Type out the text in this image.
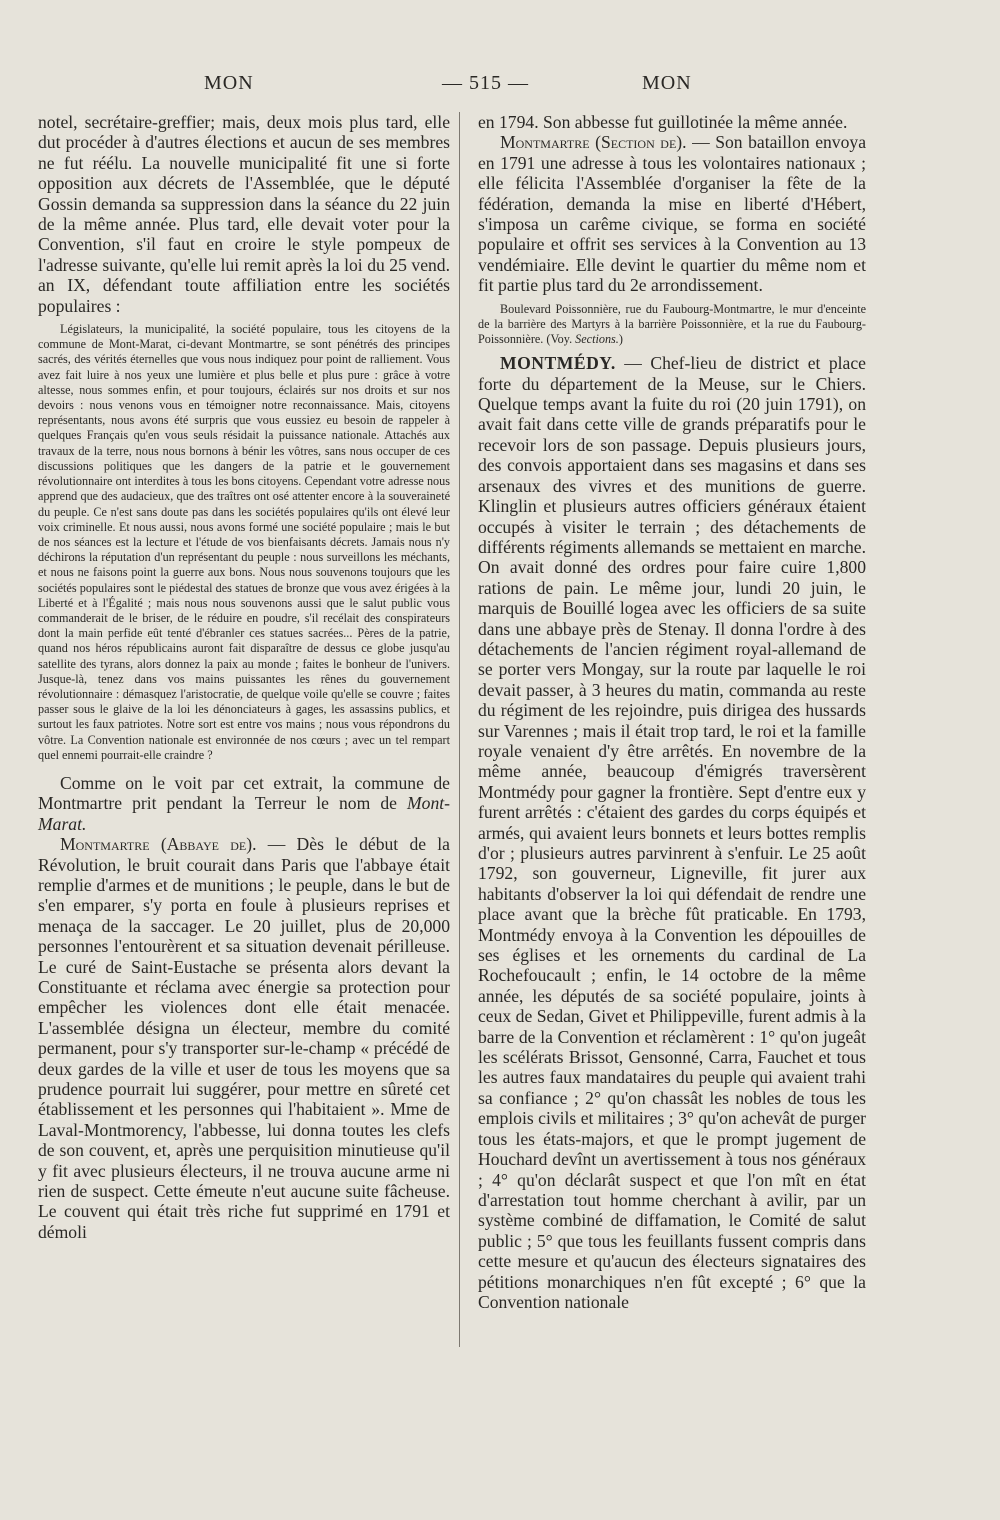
MON	— 515 —	MON

notel, secrétaire-greffier; mais, deux mois plus tard, elle dut procéder à d'autres élections et aucun de ses membres ne fut réélu. La nouvelle municipalité fit une si forte opposition aux décrets de l'Assemblée, que le député Gossin demanda sa suppression dans la séance du 22 juin de la même année. Plus tard, elle devait voter pour la Convention, s'il faut en croire le style pompeux de l'adresse suivante, qu'elle lui remit après la loi du 25 vend. an IX, défendant toute affiliation entre les sociétés populaires :

Législateurs, la municipalité, la société populaire, tous les citoyens de la commune de Mont-Marat, ci-devant Montmartre, se sont pénétrés des principes sacrés, des vérités éternelles que vous nous indiquez pour point de ralliement. Vous avez fait luire à nos yeux une lumière et plus belle et plus pure : grâce à votre altesse, nous sommes enfin, et pour toujours, éclairés sur nos droits et sur nos devoirs : nous venons vous en témoigner notre reconnaissance. Mais, citoyens représentants, nous avons été surpris que vous eussiez eu besoin de rappeler à quelques Français qu'en vous seuls résidait la puissance nationale. Attachés aux travaux de la terre, nous nous bornons à bénir les vôtres, sans nous occuper de ces discussions politiques que les dangers de la patrie et le gouvernement révolutionnaire ont interdites à tous les bons citoyens. Cependant votre adresse nous apprend que des audacieux, que des traîtres ont osé attenter encore à la souveraineté du peuple. Ce n'est sans doute pas dans les sociétés populaires qu'ils ont élevé leur voix criminelle. Et nous aussi, nous avons formé une société populaire ; mais le but de nos séances est la lecture et l'étude de vos bienfaisants décrets. Jamais nous n'y déchirons la réputation d'un représentant du peuple : nous surveillons les méchants, et nous ne faisons point la guerre aux bons. Nous nous souvenons toujours que les sociétés populaires sont le piédestal des statues de bronze que vous avez érigées à la Liberté et à l'Égalité ; mais nous nous souvenons aussi que le salut public vous commanderait de le briser, de le réduire en poudre, s'il recélait des conspirateurs dont la main perfide eût tenté d'ébranler ces statues sacrées... Pères de la patrie, quand nos héros républicains auront fait disparaître de dessus ce globe jusqu'au satellite des tyrans, alors donnez la paix au monde ; faites le bonheur de l'univers. Jusque-là, tenez dans vos mains puissantes les rênes du gouvernement révolutionnaire : démasquez l'aristocratie, de quelque voile qu'elle se couvre ; faites passer sous le glaive de la loi les dénonciateurs à gages, les assassins publics, et surtout les faux patriotes. Notre sort est entre vos mains ; nous vous répondrons du vôtre. La Convention nationale est environnée de nos cœurs ; avec un tel rempart quel ennemi pourrait-elle craindre ?

Comme on le voit par cet extrait, la commune de Montmartre prit pendant la Terreur le nom de Mont-Marat.

Montmartre (Abbaye de). — Dès le début de la Révolution, le bruit courait dans Paris que l'abbaye était remplie d'armes et de munitions ; le peuple, dans le but de s'en emparer, s'y porta en foule à plusieurs reprises et menaça de la saccager. Le 20 juillet, plus de 20,000 personnes l'entourèrent et sa situation devenait périlleuse. Le curé de Saint-Eustache se présenta alors devant la Constituante et réclama avec énergie sa protection pour empêcher les violences dont elle était menacée. L'assemblée désigna un électeur, membre du comité permanent, pour s'y transporter sur-le-champ « précédé de deux gardes de la ville et user de tous les moyens que sa prudence pourrait lui suggérer, pour mettre en sûreté cet établissement et les personnes qui l'habitaient ». Mme de Laval-Montmorency, l'abbesse, lui donna toutes les clefs de son couvent, et, après une perquisition minutieuse qu'il y fit avec plusieurs électeurs, il ne trouva aucune arme ni rien de suspect. Cette émeute n'eut aucune suite fâcheuse. Le couvent qui était très riche fut supprimé en 1791 et démoli

en 1794. Son abbesse fut guillotinée la même année.

Montmartre (Section de). — Son bataillon envoya en 1791 une adresse à tous les volontaires nationaux ; elle félicita l'Assemblée d'organiser la fête de la fédération, demanda la mise en liberté d'Hébert, s'imposa un carême civique, se forma en société populaire et offrit ses services à la Convention au 13 vendémiaire. Elle devint le quartier du même nom et fit partie plus tard du 2e arrondissement.

Boulevard Poissonnière, rue du Faubourg-Montmartre, le mur d'enceinte de la barrière des Martyrs à la barrière Poissonnière, et la rue du Faubourg-Poissonnière. (Voy. Sections.)

MONTMÉDY. — Chef-lieu de district et place forte du département de la Meuse, sur le Chiers. Quelque temps avant la fuite du roi (20 juin 1791), on avait fait dans cette ville de grands préparatifs pour le recevoir lors de son passage. Depuis plusieurs jours, des convois apportaient dans ses magasins et dans ses arsenaux des vivres et des munitions de guerre. Klinglin et plusieurs autres officiers généraux étaient occupés à visiter le terrain ; des détachements de différents régiments allemands se mettaient en marche. On avait donné des ordres pour faire cuire 1,800 rations de pain. Le même jour, lundi 20 juin, le marquis de Bouillé logea avec les officiers de sa suite dans une abbaye près de Stenay. Il donna l'ordre à des détachements de l'ancien régiment royal-allemand de se porter vers Mongay, sur la route par laquelle le roi devait passer, à 3 heures du matin, commanda au reste du régiment de les rejoindre, puis dirigea des hussards sur Varennes ; mais il était trop tard, le roi et la famille royale venaient d'y être arrêtés. En novembre de la même année, beaucoup d'émigrés traversèrent Montmédy pour gagner la frontière. Sept d'entre eux y furent arrêtés : c'étaient des gardes du corps équipés et armés, qui avaient leurs bonnets et leurs bottes remplis d'or ; plusieurs autres parvinrent à s'enfuir. Le 25 août 1792, son gouverneur, Ligneville, fit jurer aux habitants d'observer la loi qui défendait de rendre une place avant que la brèche fût praticable. En 1793, Montmédy envoya à la Convention les dépouilles de ses églises et les ornements du cardinal de La Rochefoucault ; enfin, le 14 octobre de la même année, les députés de sa société populaire, joints à ceux de Sedan, Givet et Philippeville, furent admis à la barre de la Convention et réclamèrent : 1° qu'on jugeât les scélérats Brissot, Gensonné, Carra, Fauchet et tous les autres faux mandataires du peuple qui avaient trahi sa confiance ; 2° qu'on chassât les nobles de tous les emplois civils et militaires ; 3° qu'on achevât de purger tous les états-majors, et que le prompt jugement de Houchard devînt un avertissement à tous nos généraux ; 4° qu'on déclarât suspect et que l'on mît en état d'arrestation tout homme cherchant à avilir, par un système combiné de diffamation, le Comité de salut public ; 5° que tous les feuillants fussent compris dans cette mesure et qu'aucun des électeurs signataires des pétitions monarchiques n'en fût excepté ; 6° que la Convention nationale
